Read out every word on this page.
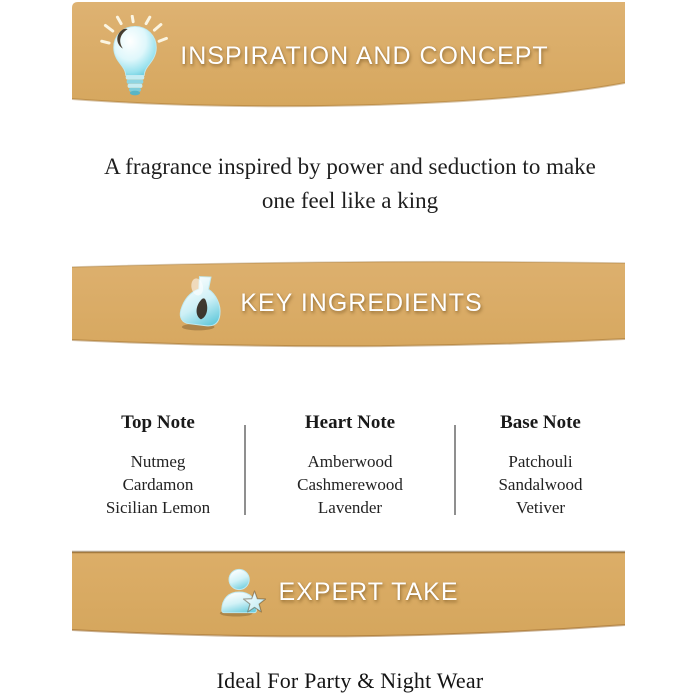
INSPIRATION AND CONCEPT
A fragrance inspired by power and seduction to make
one feel like a king
KEY INGREDIENTS
Top Note
Nutmeg
Cardamon
Sicilian Lemon
Heart Note
Amberwood
Cashmerewood
Lavender
Base Note
Patchouli
Sandalwood
Vetiver
EXPERT TAKE
Ideal For Party & Night Wear
